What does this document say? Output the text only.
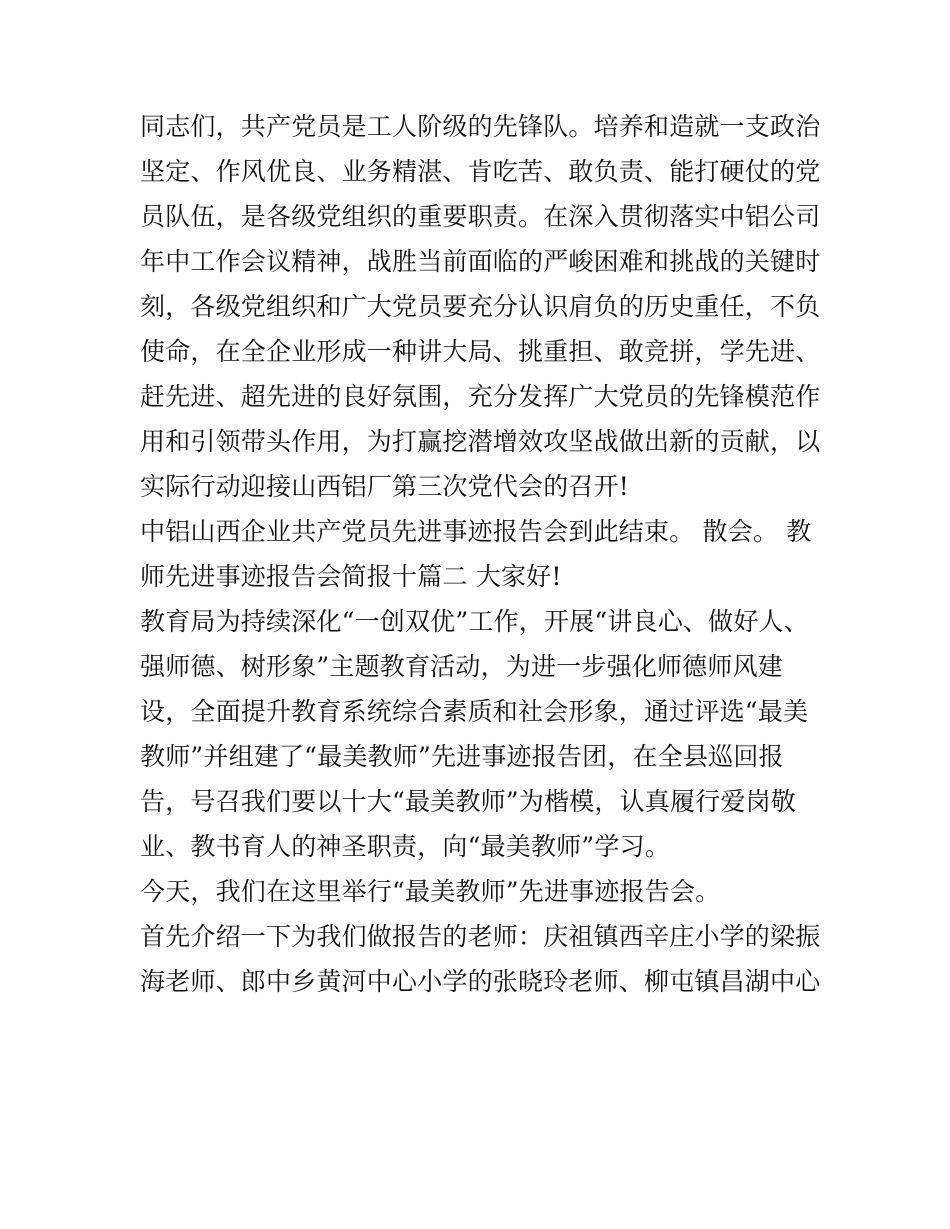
同志们，共产党员是工人阶级的先锋队。培养和造就一支政治
坚定、作风优良、业务精湛、肯吃苦、敢负责、能打硬仗的党
员队伍，是各级党组织的重要职责。在深入贯彻落实中铝公司
年中工作会议精神，战胜当前面临的严峻困难和挑战的关键时
刻，各级党组织和广大党员要充分认识肩负的历史重任，不负
使命，在全企业形成一种讲大局、挑重担、敢竞拼，学先进、
赶先进、超先进的良好氛围，充分发挥广大党员的先锋模范作
用和引领带头作用，为打赢挖潜增效攻坚战做出新的贡献，以
实际行动迎接山西铝厂第三次党代会的召开!
中铝山西企业共产党员先进事迹报告会到此结束。 散会。 教
师先进事迹报告会简报十篇二 大家好!
教育局为持续深化“一创双优”工作，开展“讲良心、做好人、
强师德、树形象”主题教育活动，为进一步强化师德师风建
设，全面提升教育系统综合素质和社会形象，通过评选“最美
教师”并组建了“最美教师”先进事迹报告团，在全县巡回报
告，号召我们要以十大“最美教师”为楷模，认真履行爱岗敬
业、教书育人的神圣职责，向“最美教师”学习。
今天，我们在这里举行“最美教师”先进事迹报告会。
首先介绍一下为我们做报告的老师：庆祖镇西辛庄小学的梁振
海老师、郎中乡黄河中心小学的张晓玲老师、柳屯镇昌湖中心
